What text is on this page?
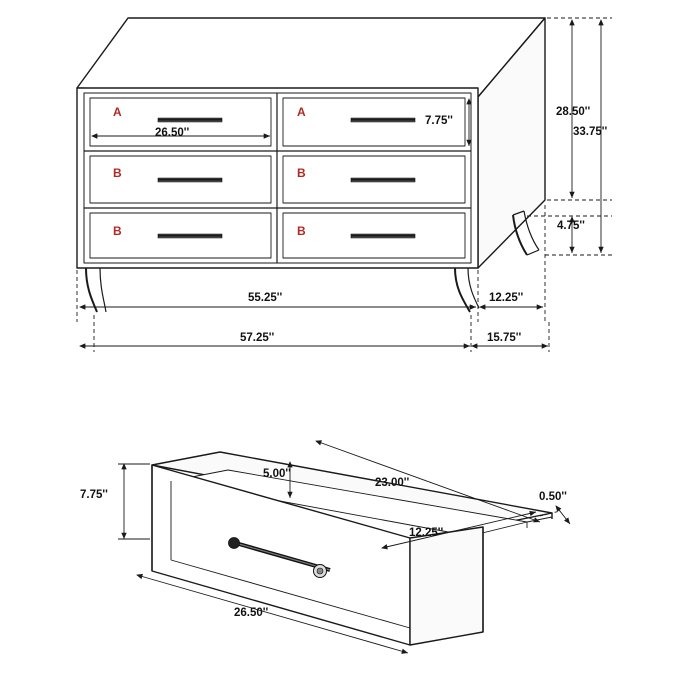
A	A
B	B
B	B
26.50''
7.75''
28.50''
33.75''
4.75''
55.25''	12.25''
57.25''	15.75''
5.00''
23.00''
0.50''
12.25''
26.50''
7.75''
